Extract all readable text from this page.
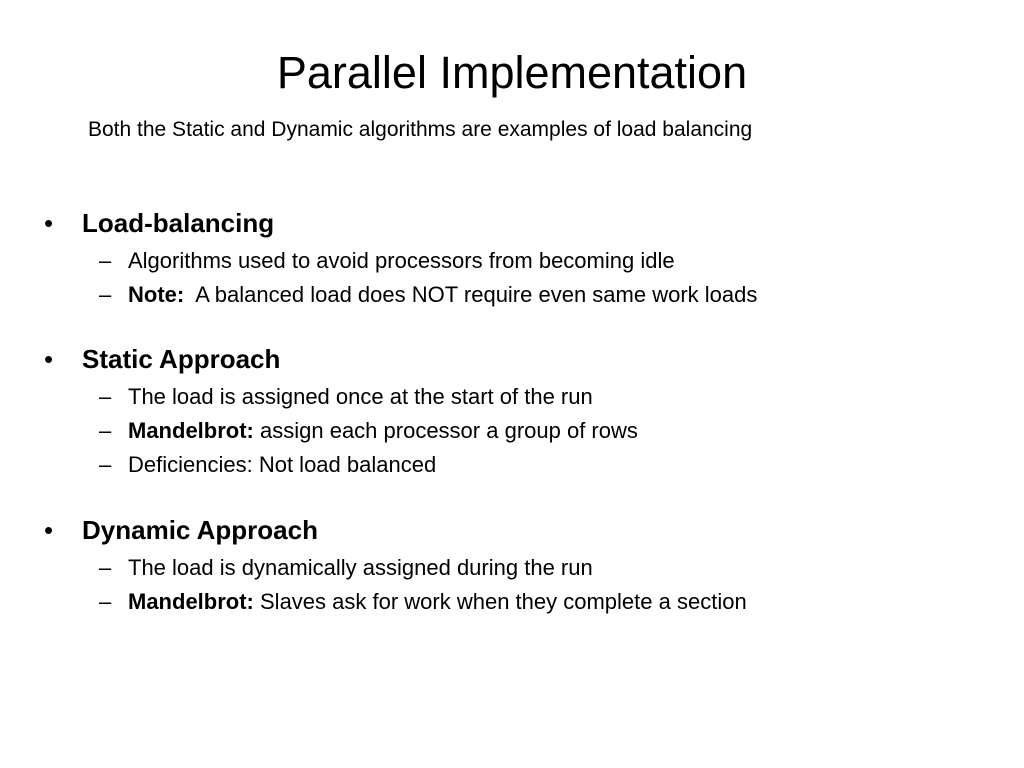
Parallel Implementation
Both the Static and Dynamic algorithms are examples of load balancing
• Load-balancing
– Algorithms used to avoid processors from becoming idle
– Note:  A balanced load does NOT require even same work loads
• Static Approach
– The load is assigned once at the start of the run
– Mandelbrot: assign each processor a group of rows
– Deficiencies: Not load balanced
• Dynamic Approach
– The load is dynamically assigned during the run
– Mandelbrot: Slaves ask for work when they complete a section
